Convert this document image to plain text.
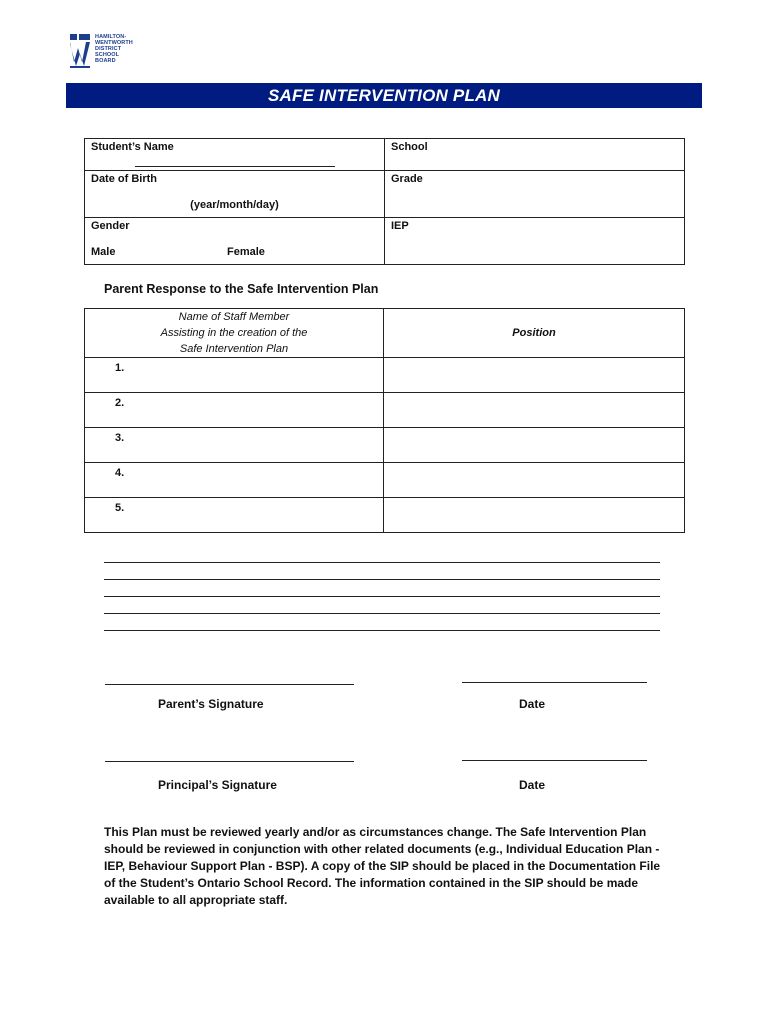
HAMILTON-
WENTWORTH
DISTRICT
SCHOOL
BOARD
SAFE INTERVENTION PLAN
Student’s Name	School

Date of Birth
(year/month/day)	Grade

Gender
Male Female	IEP
Parent Response to the Safe Intervention Plan
Name of Staff Member
Assisting in the creation of the
Safe Intervention Plan	Position

1.	

2.	

3.	

4.	

5.	

Parent’s Signature	Date
Principal’s Signature	Date
This Plan must be reviewed yearly and/or as circumstances change. The Safe Intervention Plan should be reviewed in conjunction with other related documents (e.g., Individual Education Plan - IEP, Behaviour Support Plan - BSP). A copy of the SIP should be placed in the Documentation File of the Student’s Ontario School Record. The information contained in the SIP should be made available to all appropriate staff.
